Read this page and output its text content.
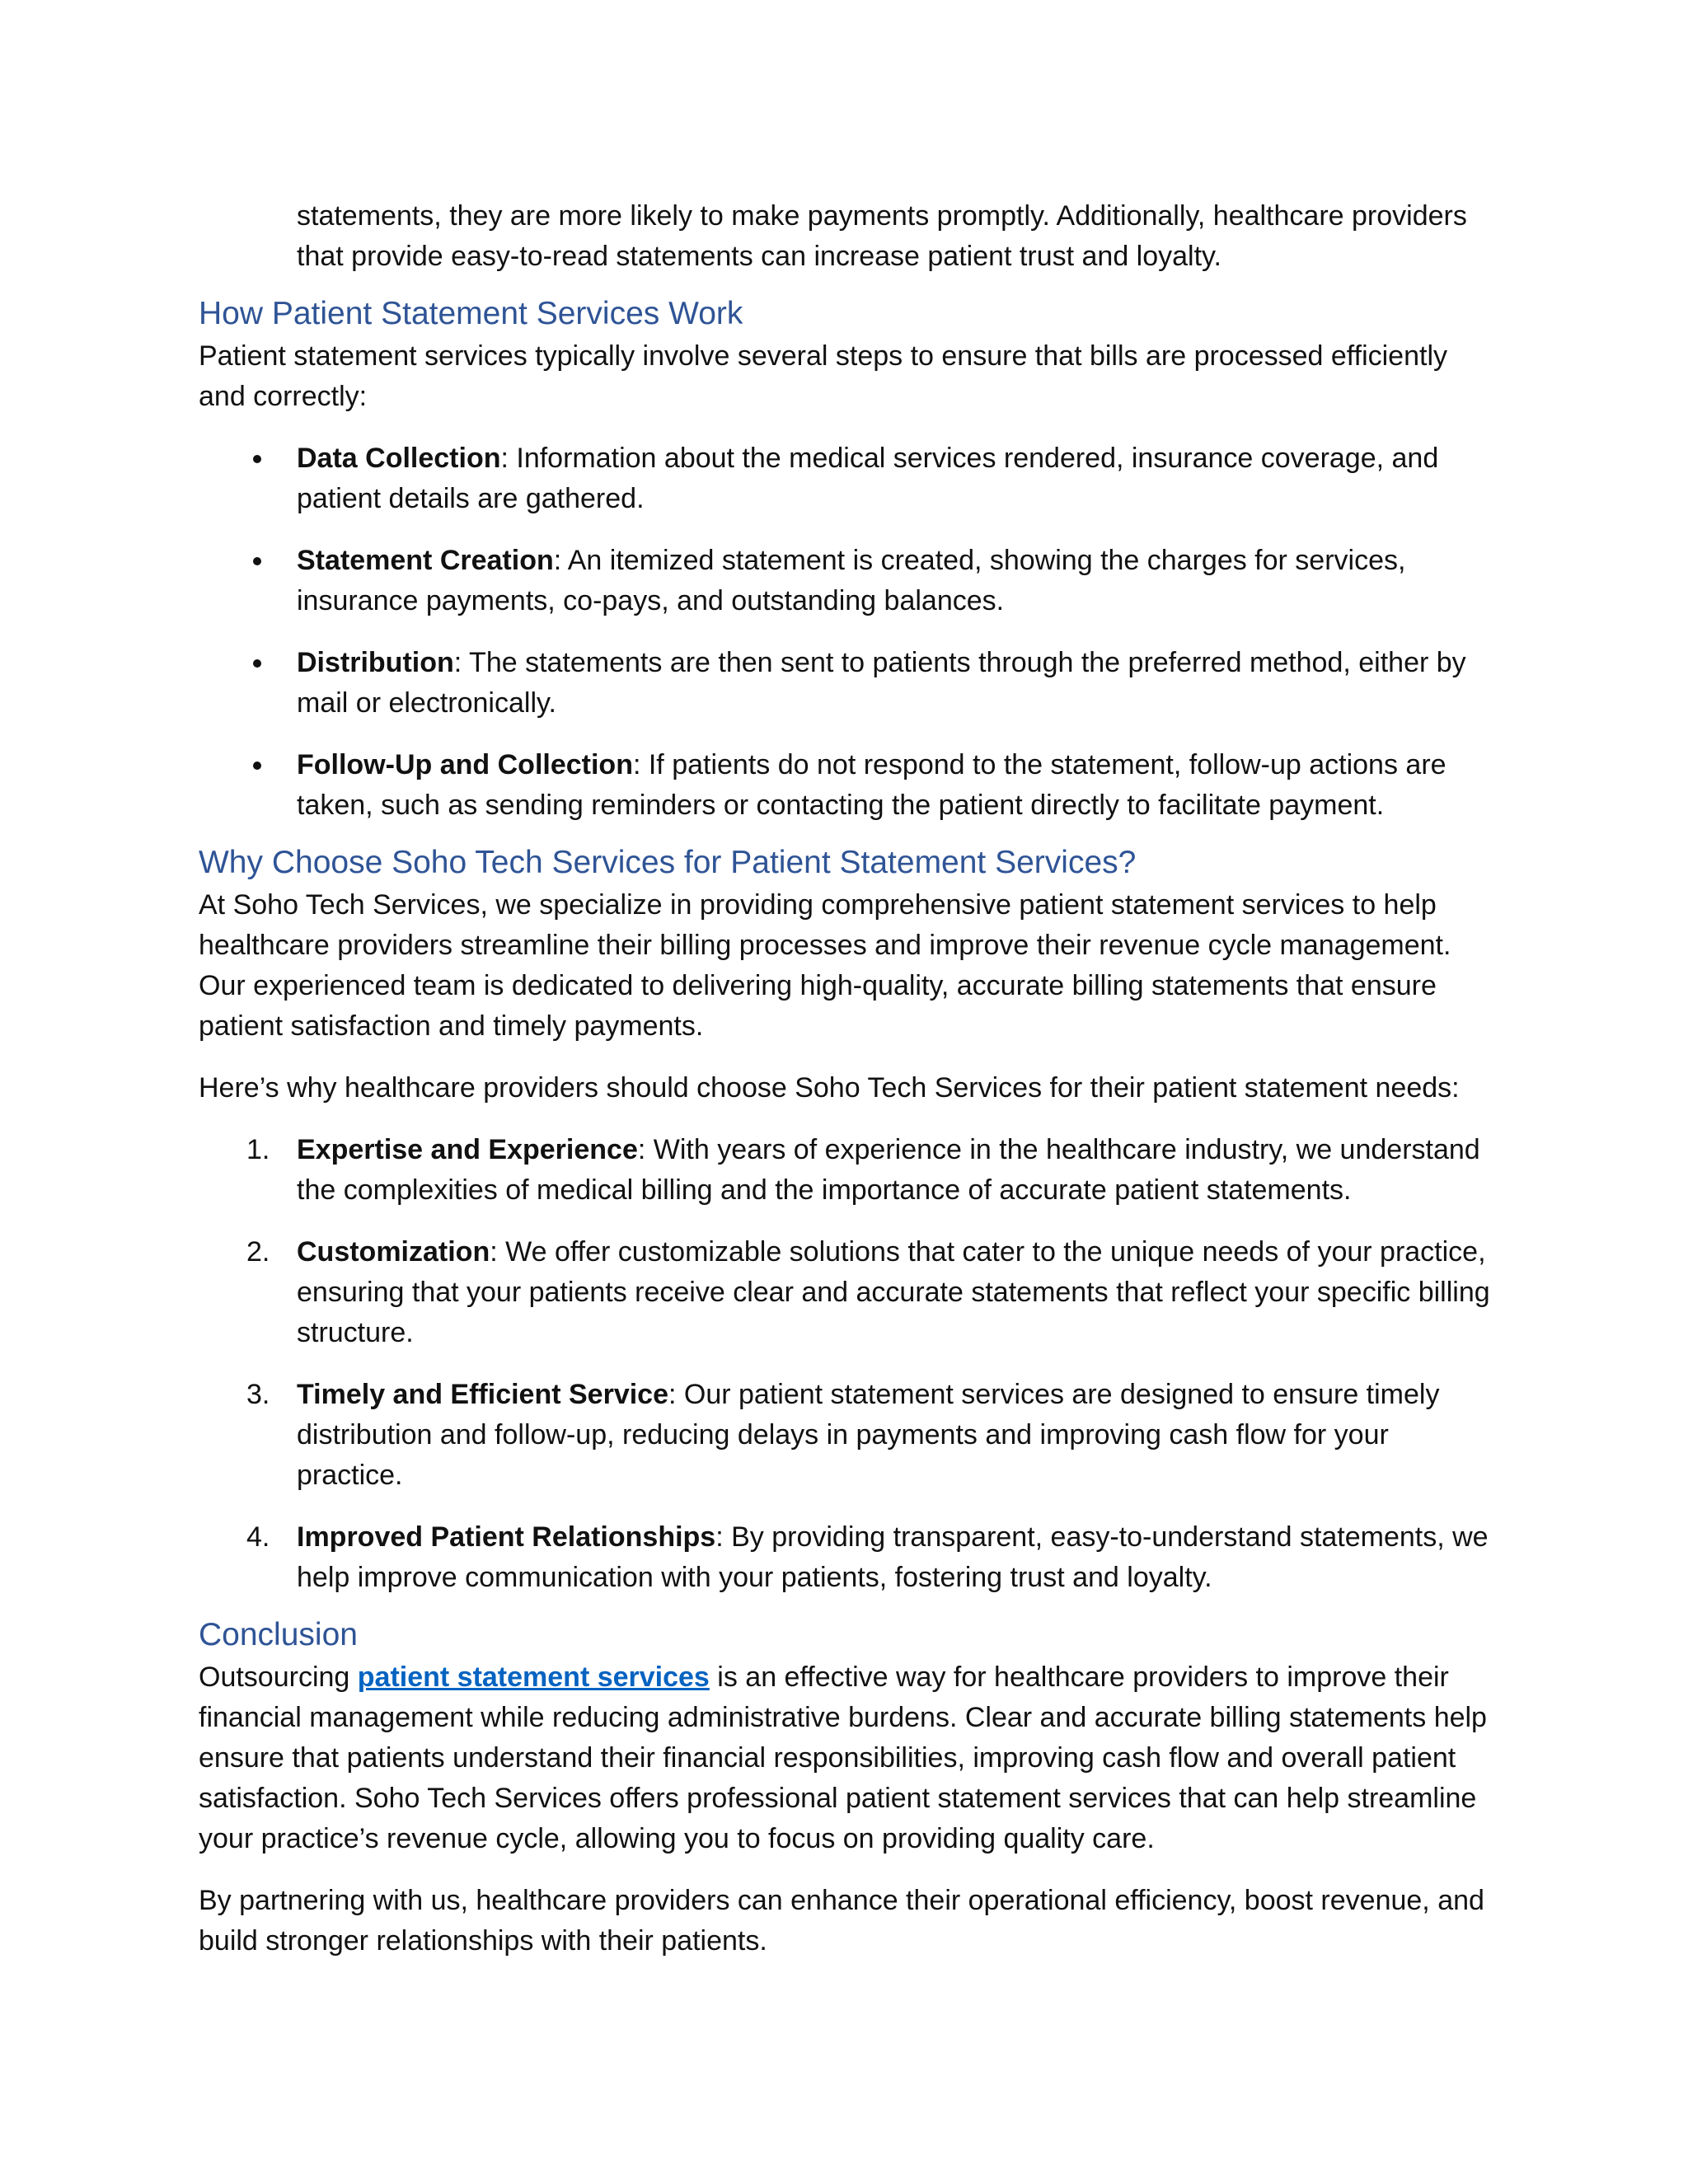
statements, they are more likely to make payments promptly. Additionally, healthcare providers that provide easy-to-read statements can increase patient trust and loyalty.

How Patient Statement Services Work

Patient statement services typically involve several steps to ensure that bills are processed efficiently and correctly:

Data Collection: Information about the medical services rendered, insurance coverage, and patient details are gathered.
Statement Creation: An itemized statement is created, showing the charges for services, insurance payments, co-pays, and outstanding balances.
Distribution: The statements are then sent to patients through the preferred method, either by mail or electronically.
Follow-Up and Collection: If patients do not respond to the statement, follow-up actions are taken, such as sending reminders or contacting the patient directly to facilitate payment.
Why Choose Soho Tech Services for Patient Statement Services?

At Soho Tech Services, we specialize in providing comprehensive patient statement services to help healthcare providers streamline their billing processes and improve their revenue cycle management. Our experienced team is dedicated to delivering high-quality, accurate billing statements that ensure patient satisfaction and timely payments.

Here’s why healthcare providers should choose Soho Tech Services for their patient statement needs:

1. Expertise and Experience: With years of experience in the healthcare industry, we understand the complexities of medical billing and the importance of accurate patient statements.
2. Customization: We offer customizable solutions that cater to the unique needs of your practice, ensuring that your patients receive clear and accurate statements that reflect your specific billing structure.
3. Timely and Efficient Service: Our patient statement services are designed to ensure timely distribution and follow-up, reducing delays in payments and improving cash flow for your practice.
4. Improved Patient Relationships: By providing transparent, easy-to-understand statements, we help improve communication with your patients, fostering trust and loyalty.
Conclusion

Outsourcing patient statement services is an effective way for healthcare providers to improve their financial management while reducing administrative burdens. Clear and accurate billing statements help ensure that patients understand their financial responsibilities, improving cash flow and overall patient satisfaction. Soho Tech Services offers professional patient statement services that can help streamline your practice’s revenue cycle, allowing you to focus on providing quality care.

By partnering with us, healthcare providers can enhance their operational efficiency, boost revenue, and build stronger relationships with their patients.
